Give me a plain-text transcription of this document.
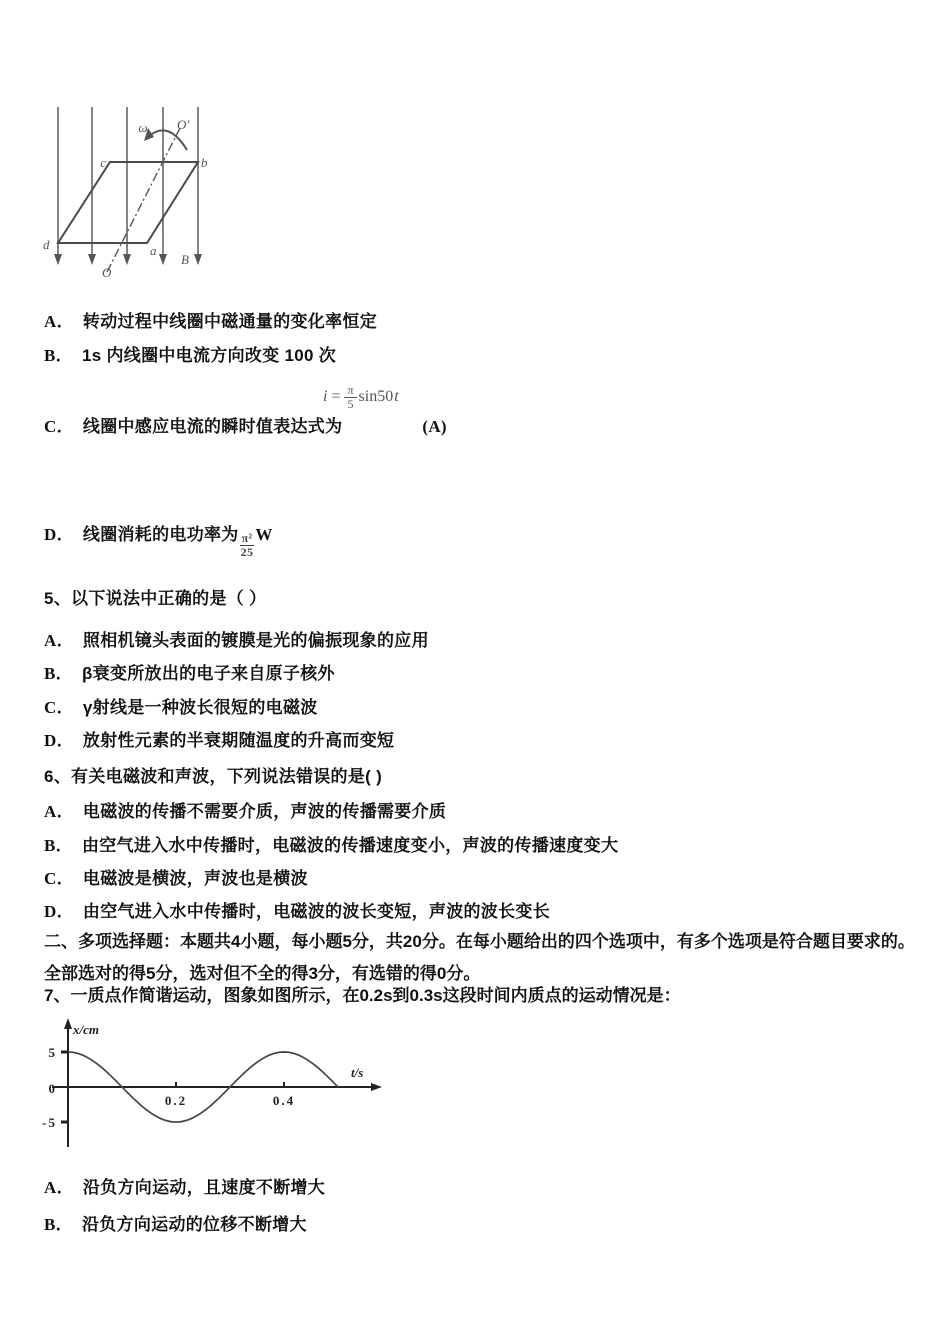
ω O′
c	b
d	a
O
B
A． 转动过程中线圈中磁通量的变化率恒定
B． 1s 内线圈中电流方向改变 100 次
$i = \frac{\pi}{5} \sin 50$ t
C． 线圈中感应电流的瞬时值表达式为	(A)
D． 线圈消耗的电功率为 $\frac{\text{π²}}{25}$ W
5、以下说法中正确的是（ ）
A． 照相机镜头表面的镀膜是光的偏振现象的应用
B． β衰变所放出的电子来自原子核外
C． γ射线是一种波长很短的电磁波
D． 放射性元素的半衰期随温度的升高而变短
6、有关电磁波和声波，下列说法错误的是( )
A． 电磁波的传播不需要介质，声波的传播需要介质
B． 由空气进入水中传播时，电磁波的传播速度变小，声波的传播速度变大
C． 电磁波是横波，声波也是横波
D． 由空气进入水中传播时，电磁波的波长变短，声波的波长变长
二、多项选择题：本题共4小题，每小题5分，共20分。在每小题给出的四个选项中，有多个选项是符合题目要求的。
全部选对的得5分，选对但不全的得3分，有选错的得0分。
7、一质点作简谐运动，图象如图所示，在0.2s到0.3s这段时间内质点的运动情况是：
x/cm
t/s
5
0
-5
0.2	0.4
A． 沿负方向运动，且速度不断增大
B． 沿负方向运动的位移不断增大
